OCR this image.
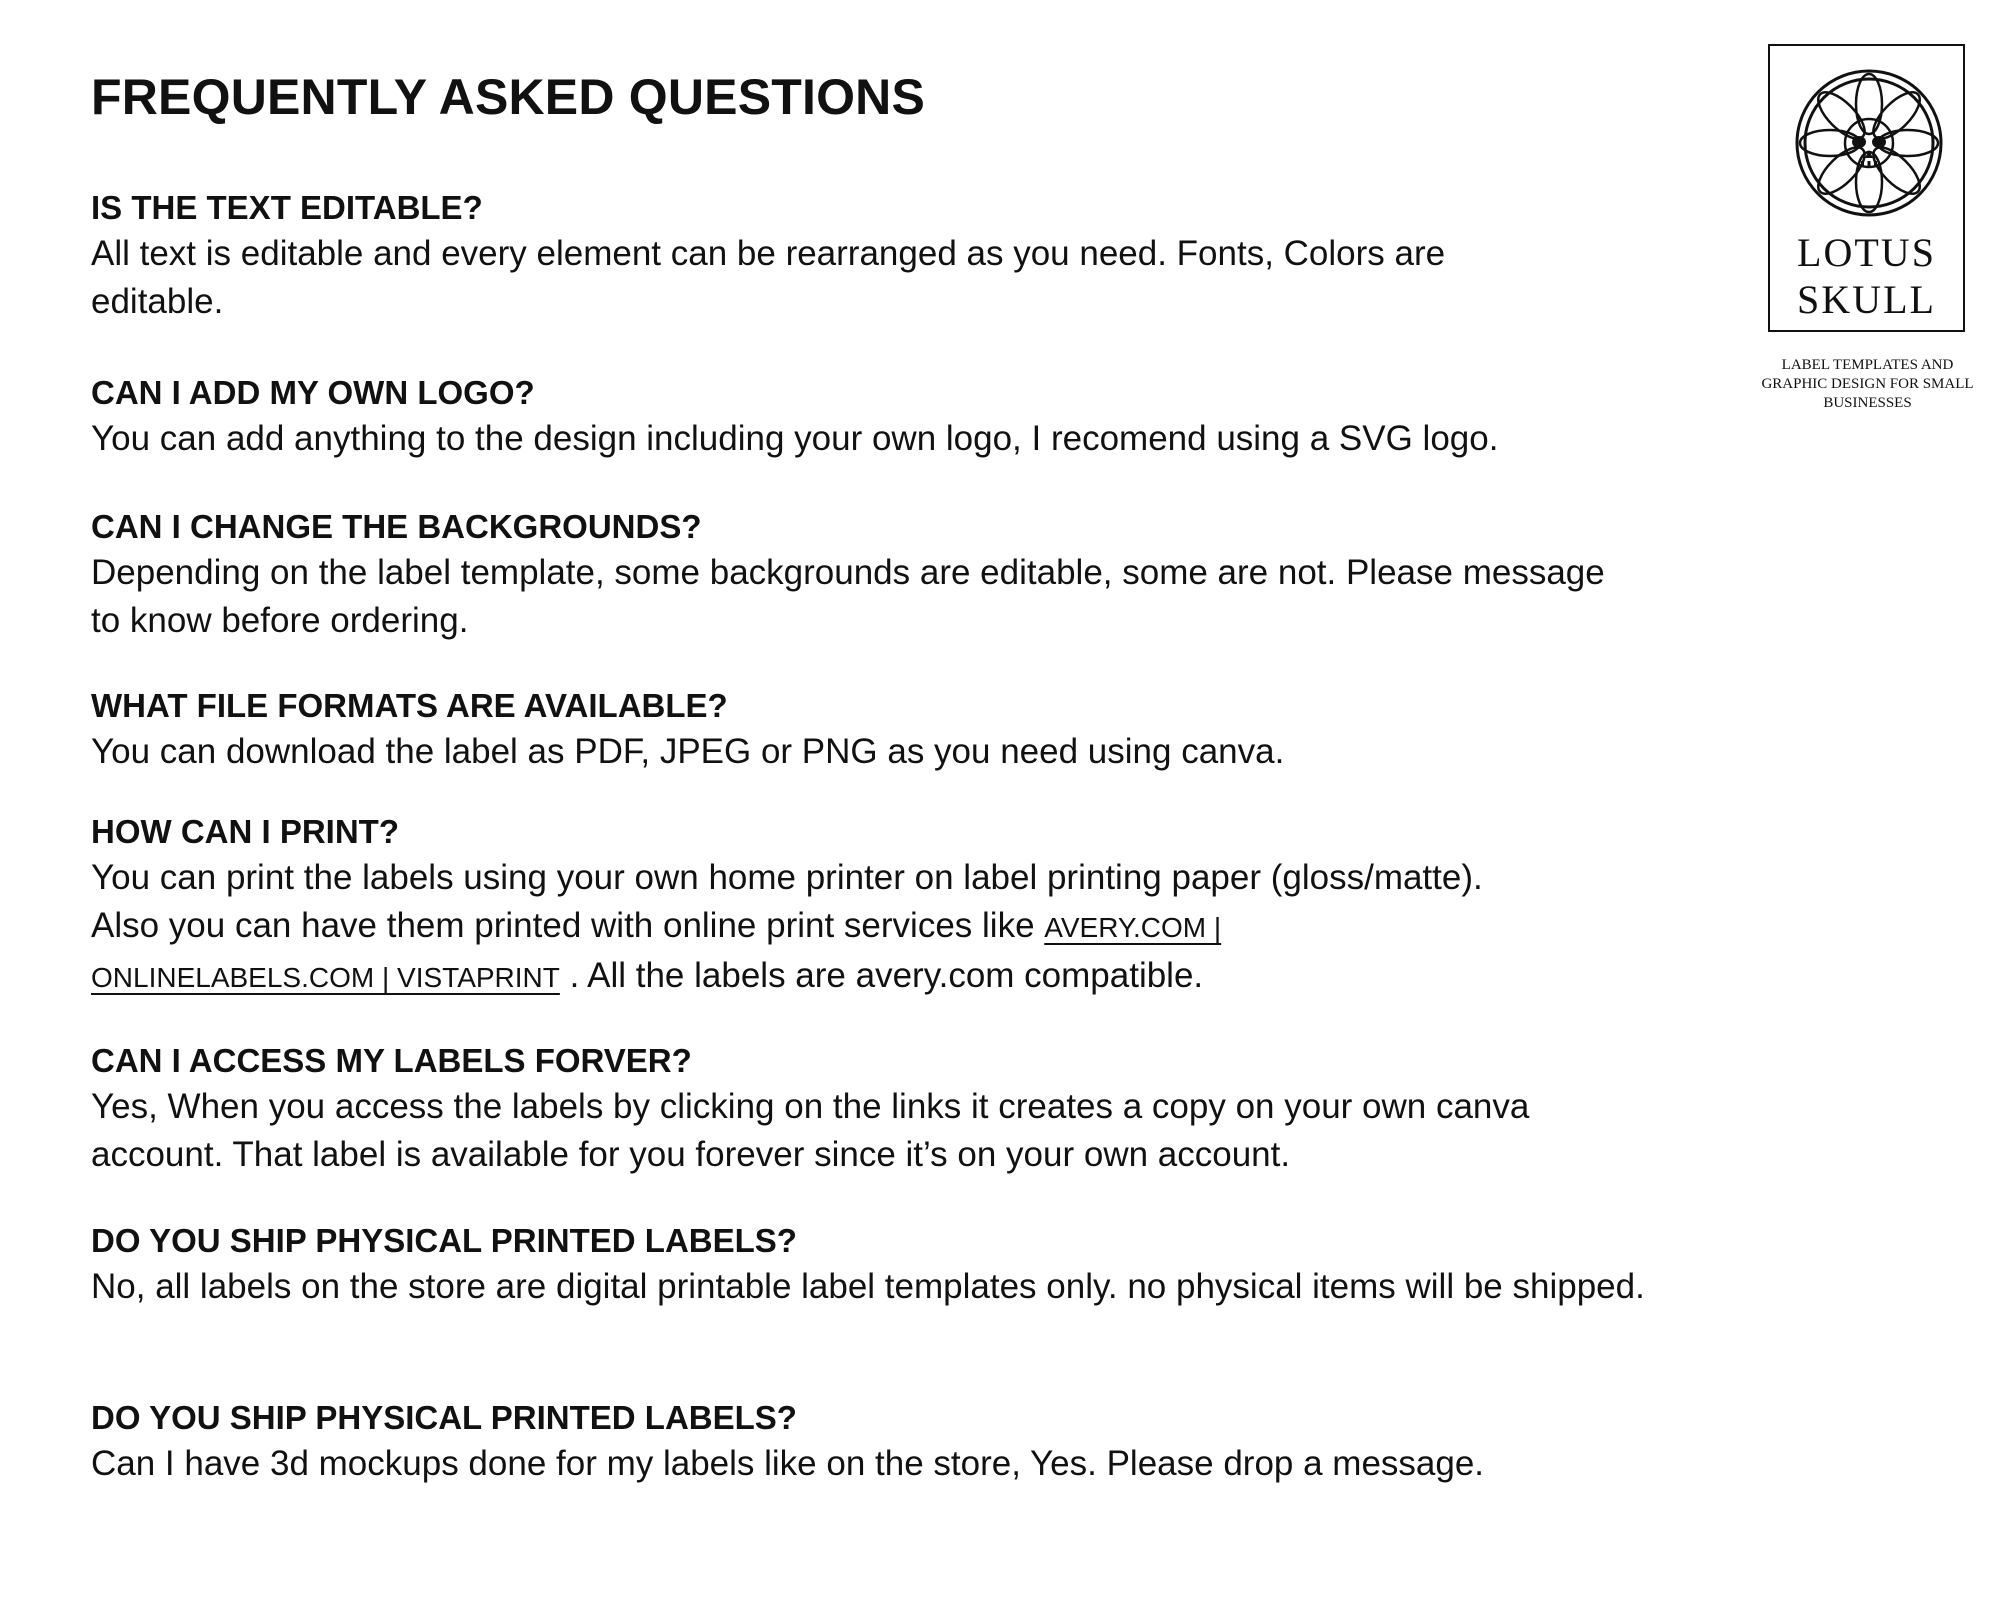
FREQUENTLY ASKED QUESTIONS
IS THE TEXT EDITABLE?
All text is editable and every element can be rearranged as you need. Fonts, Colors are editable.
CAN I ADD MY OWN LOGO?
You can add anything to the design including your own logo, I recomend using a SVG logo.
CAN I CHANGE THE BACKGROUNDS?
Depending on the label template, some backgrounds are editable, some are not. Please message to know before ordering.
WHAT FILE FORMATS ARE AVAILABLE?
You can download the label as PDF, JPEG or PNG as you need using canva.
HOW CAN I PRINT?
You can print the labels using your own home printer on label printing paper (gloss/matte). Also you can have them printed with online print services like AVERY.COM | ONLINELABELS.COM | VISTAPRINT . All the labels are avery.com compatible.
CAN I ACCESS MY LABELS FORVER?
Yes, When you access the labels by clicking on the links it creates a copy on your own canva account. That label is available for you forever since it’s on your own account.
DO YOU SHIP PHYSICAL PRINTED LABELS?
No, all labels on the store are digital printable label templates only. no physical items will be shipped.
DO YOU SHIP PHYSICAL PRINTED LABELS?
Can I have 3d mockups done for my labels like on the store, Yes. Please drop a message.
LOTUS
SKULL
LABEL TEMPLATES AND GRAPHIC DESIGN FOR SMALL BUSINESSES
